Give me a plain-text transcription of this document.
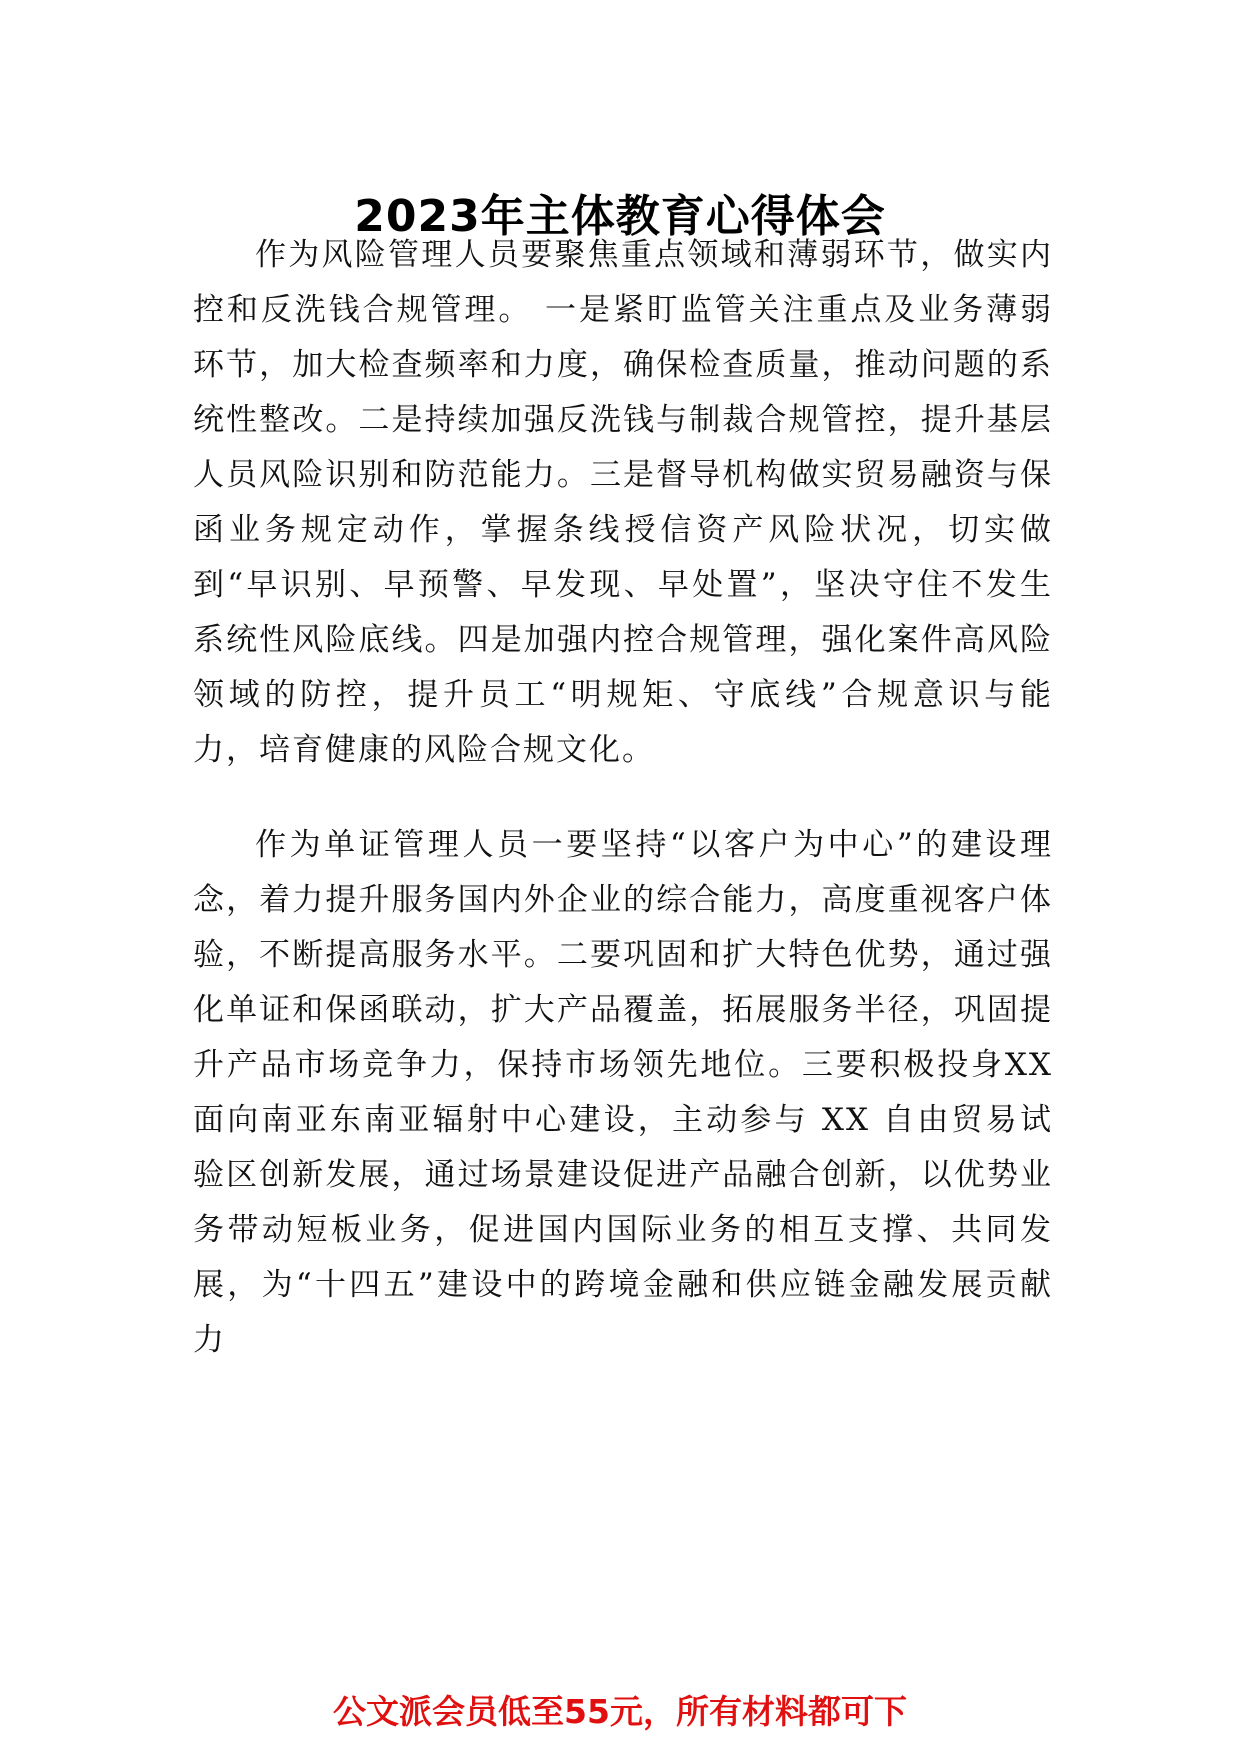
2023年主体教育心得体会

作为风险管理人员要聚焦重点领域和薄弱环节，做实内控和反洗钱合规管理。 一是紧盯监管关注重点及业务薄弱环节，加大检查频率和力度，确保检查质量，推动问题的系统性整改。二是持续加强反洗钱与制裁合规管控，提升基层人员风险识别和防范能力。三是督导机构做实贸易融资与保函业务规定动作，掌握条线授信资产风险状况，切实做到“早识别、早预警、早发现、早处置”，坚决守住不发生系统性风险底线。四是加强内控合规管理，强化案件高风险领域的防控，提升员工“明规矩、守底线”合规意识与能力，培育健康的风险合规文化。

作为单证管理人员一要坚持“以客户为中心”的建设理念，着力提升服务国内外企业的综合能力，高度重视客户体验，不断提高服务水平。二要巩固和扩大特色优势，通过强化单证和保函联动，扩大产品覆盖，拓展服务半径，巩固提升产品市场竞争力，保持市场领先地位。三要积极投身XX面向南亚东南亚辐射中心建设，主动参与 XX 自由贸易试验区创新发展，通过场景建设促进产品融合创新，以优势业务带动短板业务，促进国内国际业务的相互支撑、共同发展，为“十四五”建设中的跨境金融和供应链金融发展贡献力

公文派会员低至55元，所有材料都可下
